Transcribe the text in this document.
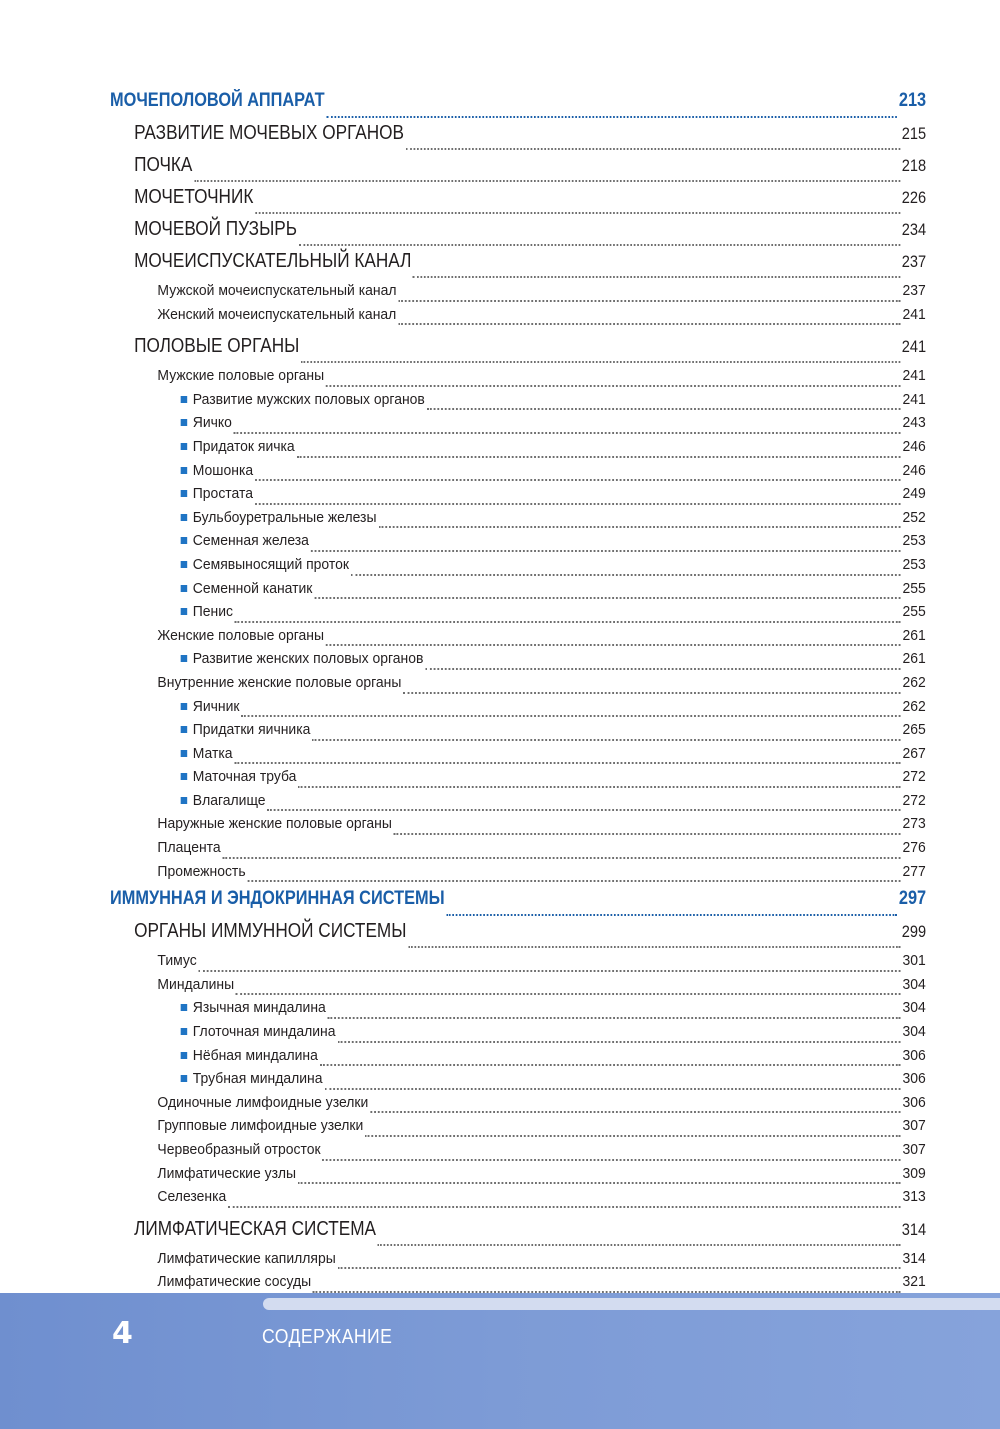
МОЧЕПОЛОВОЙ АППАРАТ	213
РАЗВИТИЕ МОЧЕВЫХ ОРГАНОВ	215
ПОЧКА	218
МОЧЕТОЧНИК	226
МОЧЕВОЙ ПУЗЫРЬ	234
МОЧЕИСПУСКАТЕЛЬНЫЙ КАНАЛ	237
Мужской мочеиспускательный канал	237
Женский мочеиспускательный канал	241
ПОЛОВЫЕ ОРГАНЫ	241
Мужские половые органы	241
Развитие мужских половых органов	241
Яичко	243
Придаток яичка	246
Мошонка	246
Простата	249
Бульбоуретральные железы	252
Семенная железа	253
Семявыносящий проток	253
Семенной канатик	255
Пенис	255
Женские половые органы	261
Развитие женских половых органов	261
Внутренние женские половые органы	262
Яичник	262
Придатки яичника	265
Матка	267
Маточная труба	272
Влагалище	272
Наружные женские половые органы	273
Плацента	276
Промежность	277
ИММУННАЯ И ЭНДОКРИННАЯ СИСТЕМЫ	297
ОРГАНЫ ИММУННОЙ СИСТЕМЫ	299
Тимус	301
Миндалины	304
Язычная миндалина	304
Глоточная миндалина	304
Нёбная миндалина	306
Трубная миндалина	306
Одиночные лимфоидные узелки	306
Групповые лимфоидные узелки	307
Червеобразный отросток	307
Лимфатические узлы	309
Селезенка	313
ЛИМФАТИЧЕСКАЯ СИСТЕМА	314
Лимфатические капилляры	314
Лимфатические сосуды	321
4	СОДЕРЖАНИЕ
